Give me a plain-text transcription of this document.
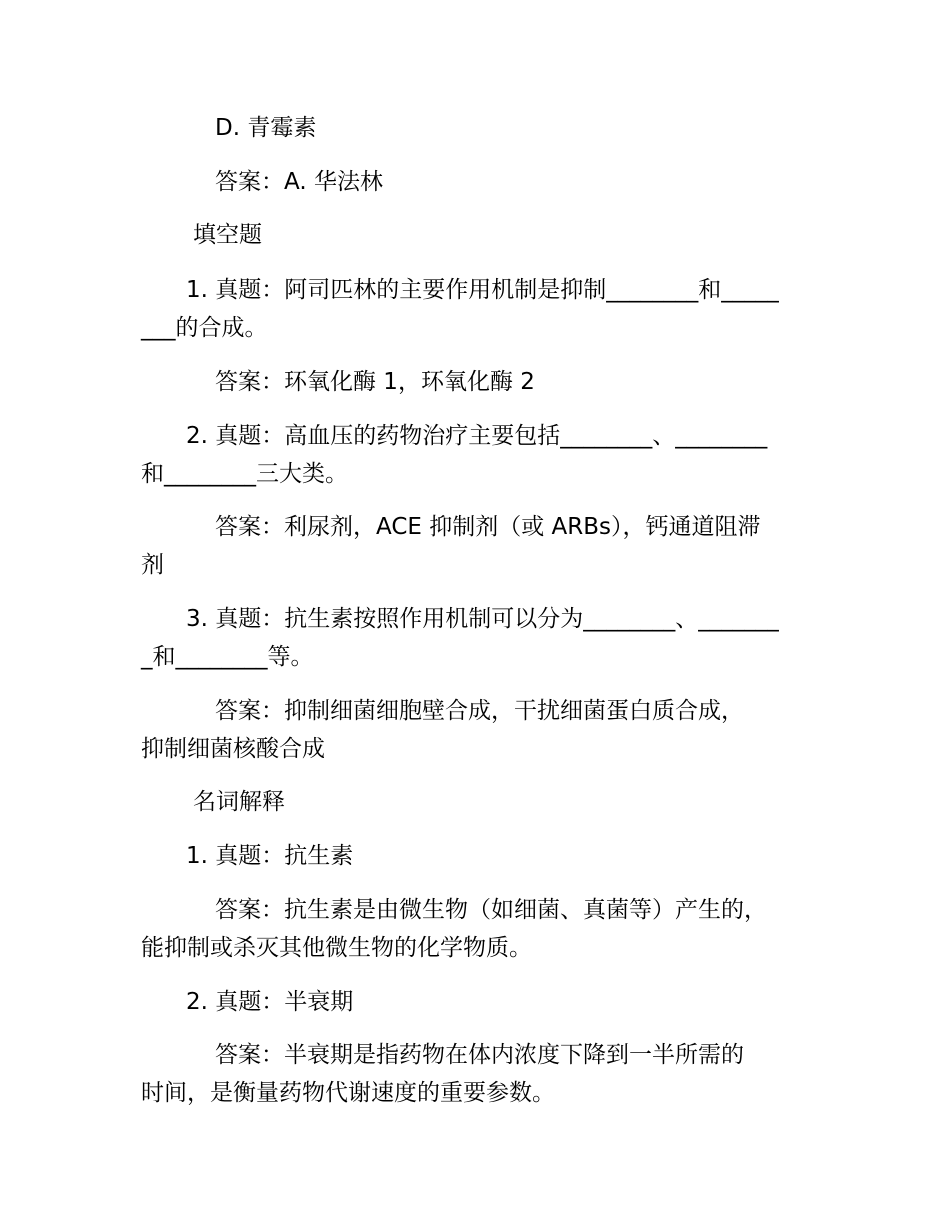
D. 青霉素
答案：A. 华法林
填空题
1. 真题：阿司匹林的主要作用机制是抑制________和_____
___的合成。
答案：环氧化酶 1，环氧化酶 2
2. 真题：高血压的药物治疗主要包括________、________
和________三大类。
答案：利尿剂，ACE 抑制剂（或 ARBs），钙通道阻滞
剂
3. 真题：抗生素按照作用机制可以分为________、_______
_和________等。
答案：抑制细菌细胞壁合成，干扰细菌蛋白质合成，
抑制细菌核酸合成
名词解释
1. 真题：抗生素
答案：抗生素是由微生物（如细菌、真菌等）产生的，
能抑制或杀灭其他微生物的化学物质。
2. 真题：半衰期
答案：半衰期是指药物在体内浓度下降到一半所需的
时间，是衡量药物代谢速度的重要参数。
